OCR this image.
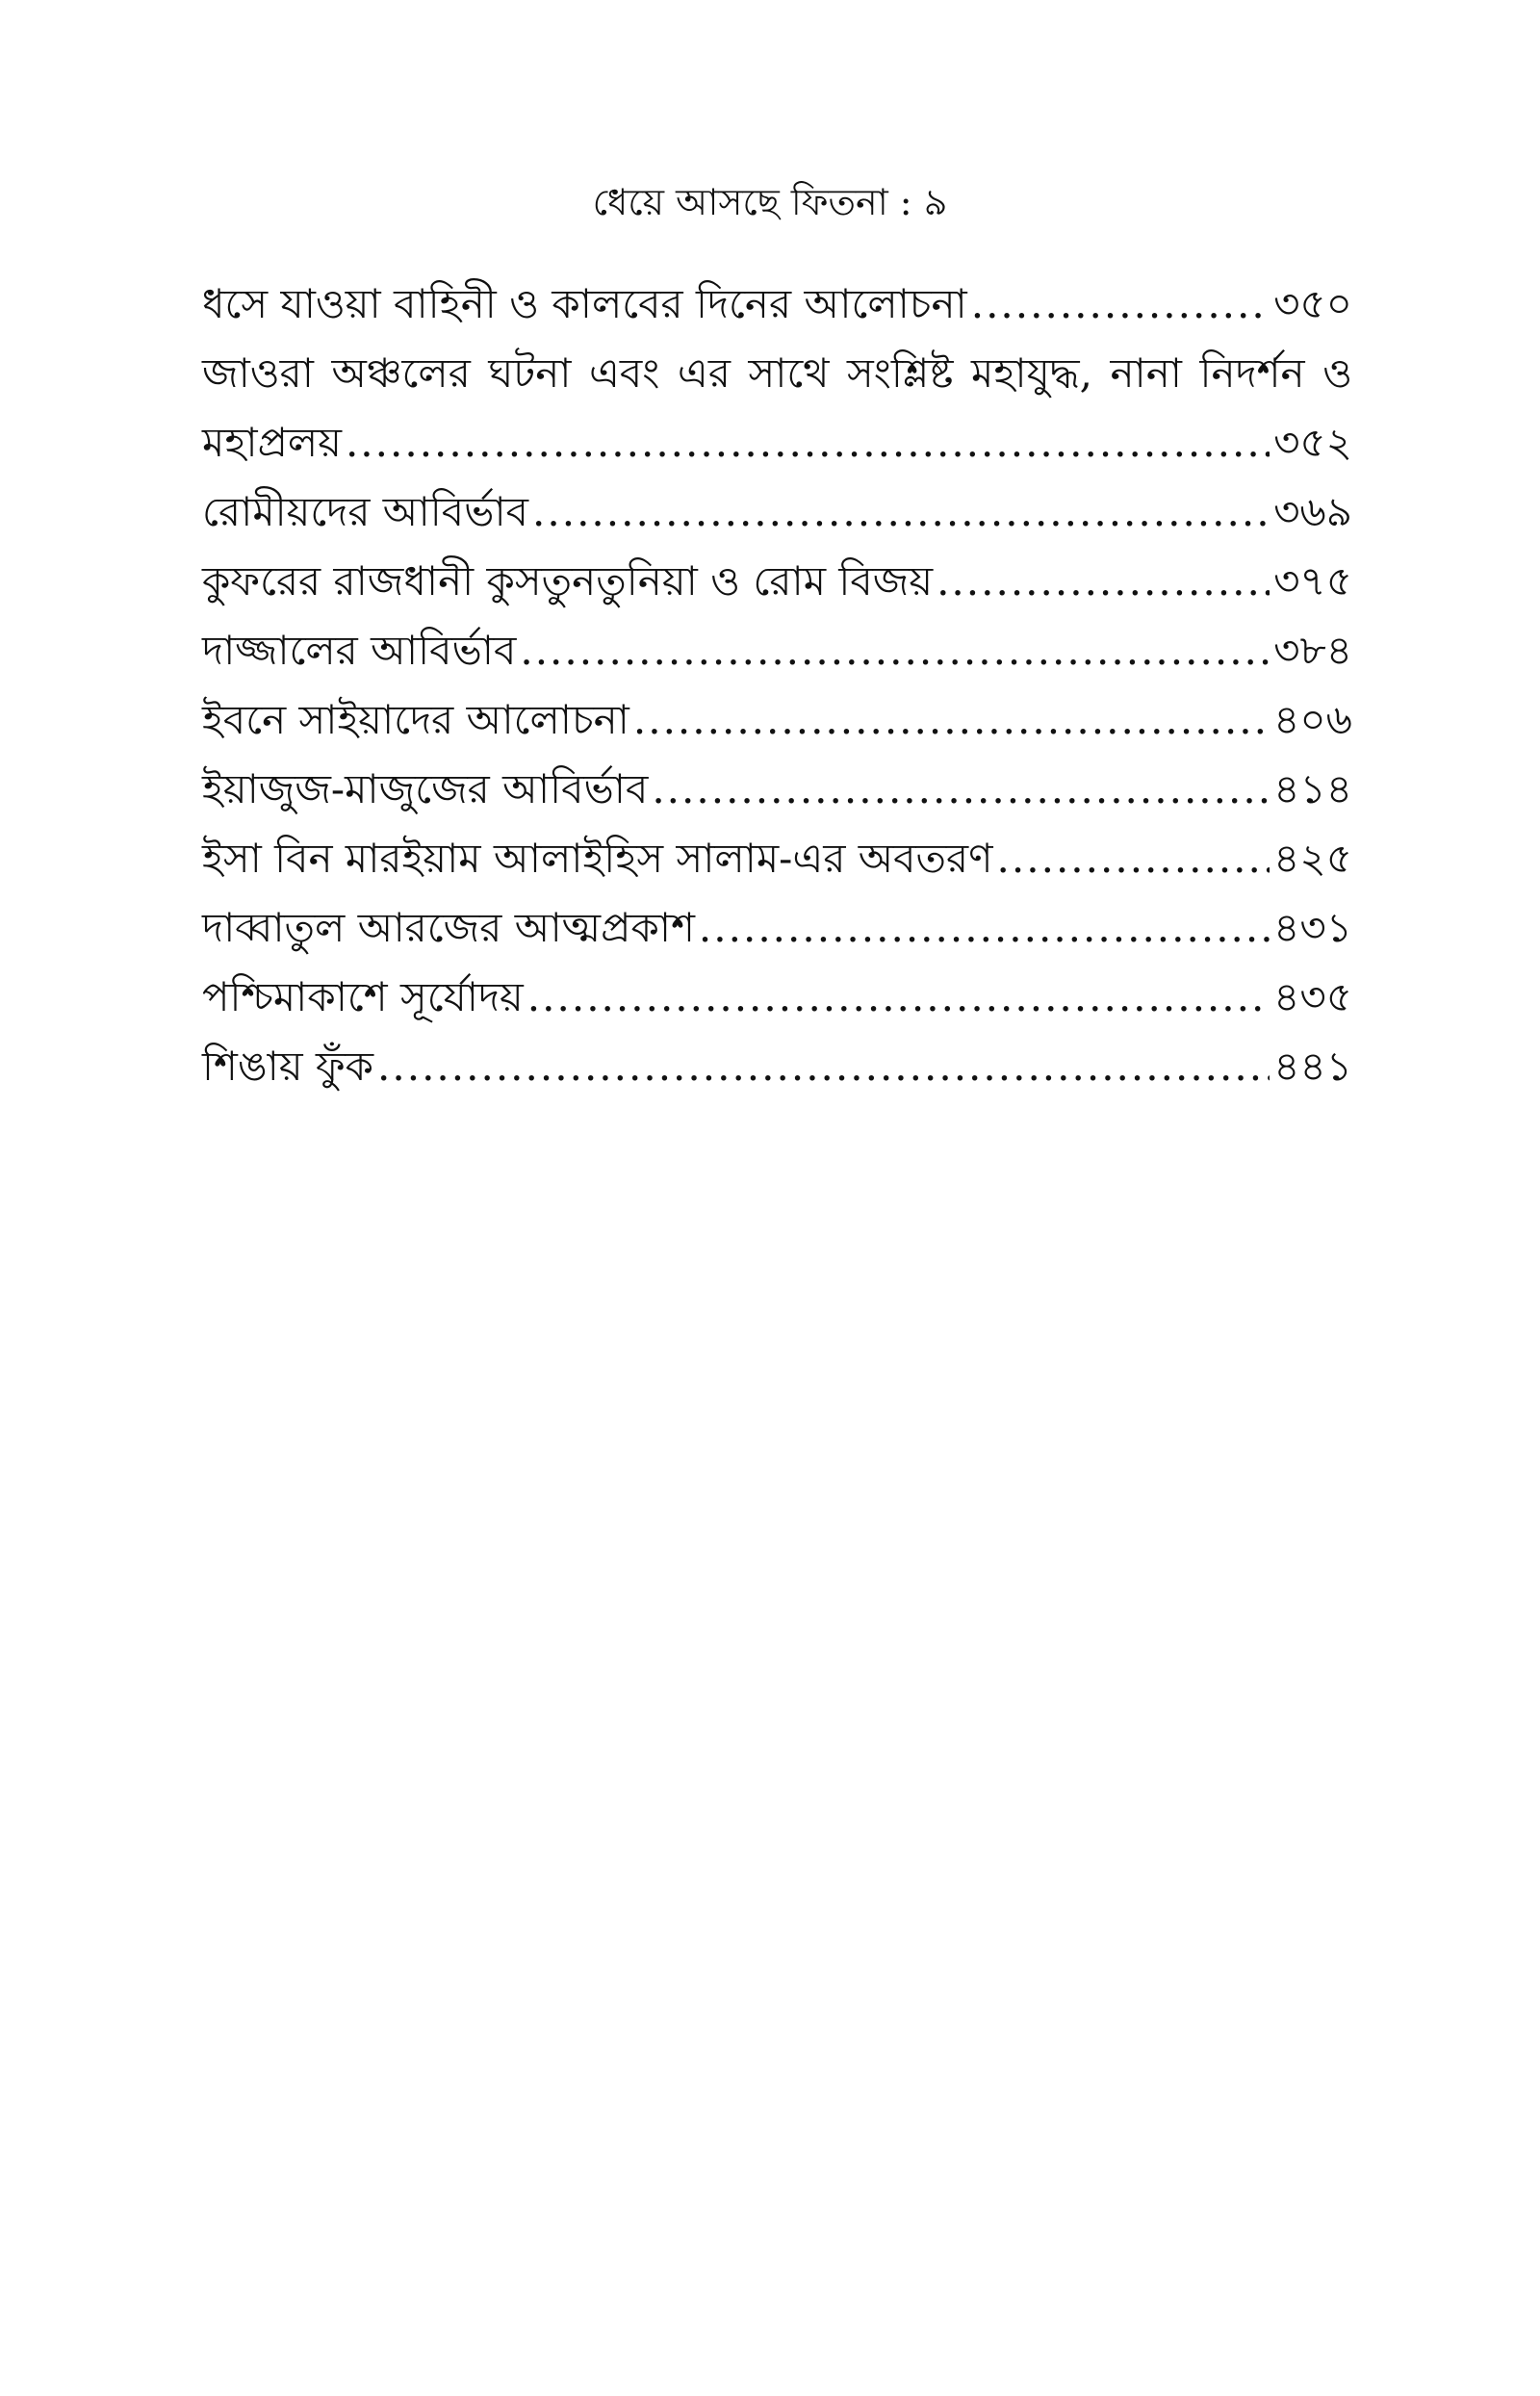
ধেয়ে আসছে ফিতনা : ৯
ধসে যাওয়া বাহিনী ও কালবের দিনের আলোচনা .....	৩৫০
জাওরা অঞ্চলের ঘটনা এবং এর সাথে সংশ্লিষ্ট মহাযুদ্ধ, নানা নিদর্শন ও
মহাপ্রলয় .....	৩৫২
রোমীয়দের আবির্ভাব .....	৩৬৯
কুফরের রাজধানী কুসতুনতুনিয়া ও রোম বিজয় .....	৩৭৫
দাজ্জালের আবির্ভাব .....	৩৮৪
ইবনে সাইয়াদের আলোচনা .....	৪০৬
ইয়াজুজ-মাজুজের আবির্ভাব .....	৪১৪
ইসা বিন মারইয়াম আলাইহিস সালাম-এর অবতরণ .....	৪২৫
দাব্বাতুল আরজের আত্মপ্রকাশ .....	৪৩১
পশ্চিমাকাশে সূর্যোদয় .....	৪৩৫
শিঙায় ফুঁক .....	৪৪১
